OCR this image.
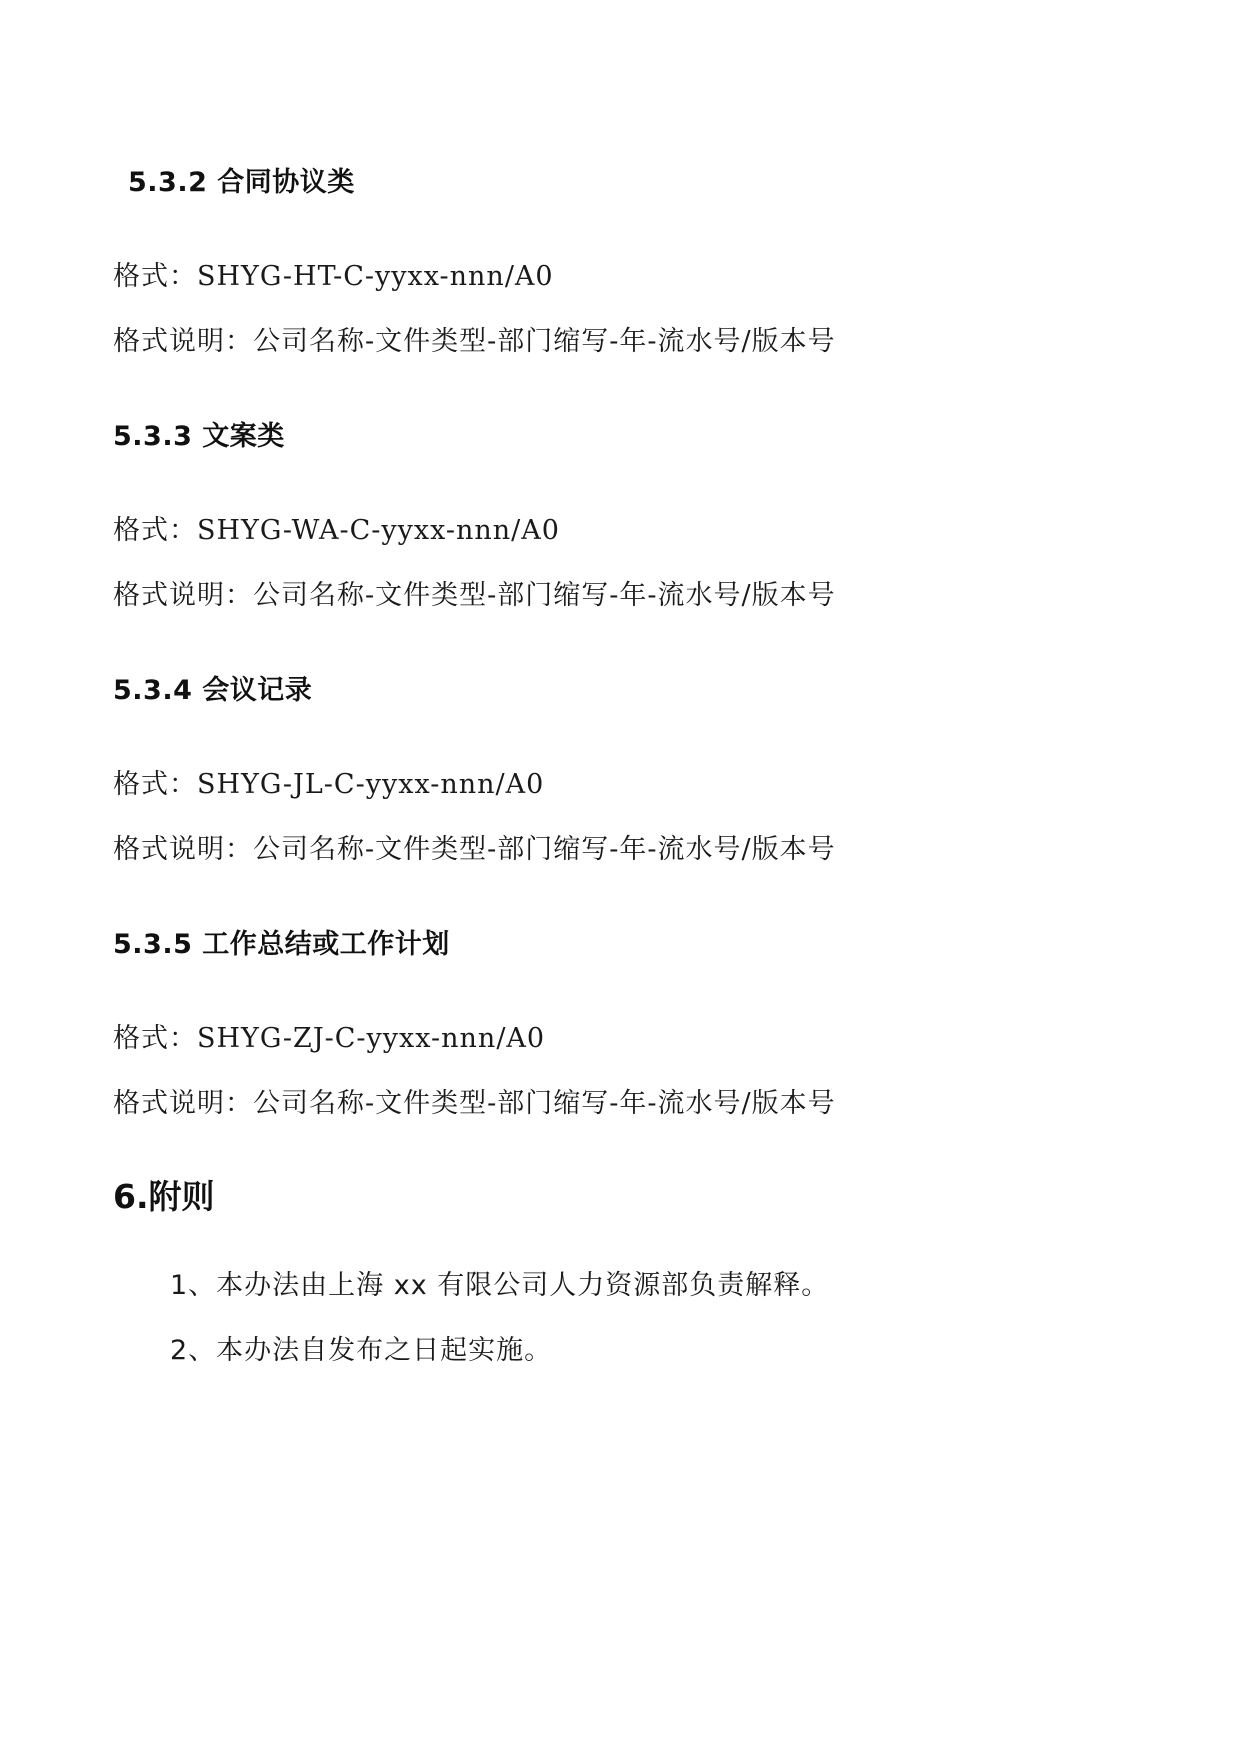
5.3.2 合同协议类
格式：SHYG-HT-C-yyxx-nnn/A0
格式说明：公司名称-文件类型-部门缩写-年-流水号/版本号
5.3.3 文案类
格式：SHYG-WA-C-yyxx-nnn/A0
格式说明：公司名称-文件类型-部门缩写-年-流水号/版本号
5.3.4 会议记录
格式：SHYG-JL-C-yyxx-nnn/A0
格式说明：公司名称-文件类型-部门缩写-年-流水号/版本号
5.3.5 工作总结或工作计划
格式：SHYG-ZJ-C-yyxx-nnn/A0
格式说明：公司名称-文件类型-部门缩写-年-流水号/版本号
6.附则
1、本办法由上海 xx 有限公司人力资源部负责解释。
2、本办法自发布之日起实施。
